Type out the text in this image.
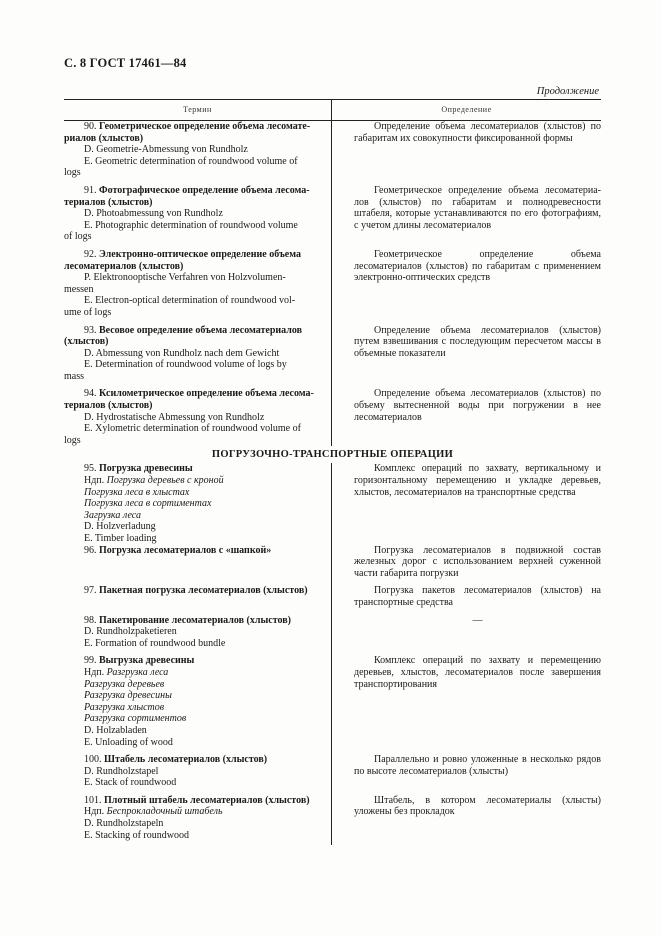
С. 8 ГОСТ 17461—84
Продолжение
Термин	Определение
90. Геометрическое определение объема лесомате-
риалов (хлыстов)
D. Geometrie-Abmessung von Rundholz
E. Geometric determination of roundwood volume of
logs
Определение объема лесоматериалов (хлыстов) по габаритам их совокупности фиксированной формы
91. Фотографическое определение объема лесома-
териалов (хлыстов)
D. Photoabmessung von Rundholz
E. Photographic determination of roundwood volume
of logs
Геометрическое определение объема лесоматериа-лов (хлыстов) по габаритам и полнодревесности штабеля, которые устанавливаются по его фотографиям, с учетом длины лесоматериалов
92. Электронно-оптическое определение объема
лесоматериалов (хлыстов)
P. Elektronooptische Verfahren von Holzvolumen-
messen
E. Electron-optical determination of roundwood vol-
ume of logs
Геометрическое определение объема лесоматериалов (хлыстов) по габаритам с применением электронно-оптических средств
93. Весовое определение объема лесоматериалов
(хлыстов)
D. Abmessung von Rundholz nach dem Gewicht
E. Determination of roundwood volume of logs by
mass
Определение объема лесоматериалов (хлыстов) путем взвешивания с последующим пересчетом массы в объемные показатели
94. Ксилометрическое определение объема лесома-
териалов (хлыстов)
D. Hydrostatische Abmessung von Rundholz
E. Xylometric determination of roundwood volume of
logs
Определение объема лесоматериалов (хлыстов) по объему вытесненной воды при погружении в нее лесоматериалов
ПОГРУЗОЧНО-ТРАНСПОРТНЫЕ ОПЕРАЦИИ
95. Погрузка древесины
Ндп. Погрузка деревьев с кроной
Погрузка леса в хлыстах
Погрузка леса в сортиментах
Загрузка леса
D. Holzverladung
E. Timber loading
Комплекс операций по захвату, вертикальному и горизонтальному перемещению и укладке деревьев, хлыстов, лесоматериалов на транспортные средства
96. Погрузка лесоматериалов с «шапкой»	Погрузка лесоматериалов в подвижной состав железных дорог с использованием верхней суженной части габарита погрузки
97. Пакетная погрузка лесоматериалов (хлыстов)	Погрузка пакетов лесоматериалов (хлыстов) на транспортные средства
98. Пакетирование лесоматериалов (хлыстов)
D. Rundholzpaketieren
E. Formation of roundwood bundle
—
99. Выгрузка древесины
Ндп. Разгрузка леса
Разгрузка деревьев
Разгрузка древесины
Разгрузка хлыстов
Разгрузка сортиментов
D. Holzabladen
E. Unloading of wood
Комплекс операций по захвату и перемещению деревьев, хлыстов, лесоматериалов после завершения транспортирования
100. Штабель лесоматериалов (хлыстов)
D. Rundholzstapel
E. Stack of roundwood
Параллельно и ровно уложенные в несколько рядов по высоте лесоматериалов (хлысты)
101. Плотный штабель лесоматериалов (хлыстов)
Ндп. Беспрокладочный штабель
D. Rundholzstapeln
E. Stacking of roundwood
Штабель, в котором лесоматериалы (хлысты) уложены без прокладок
